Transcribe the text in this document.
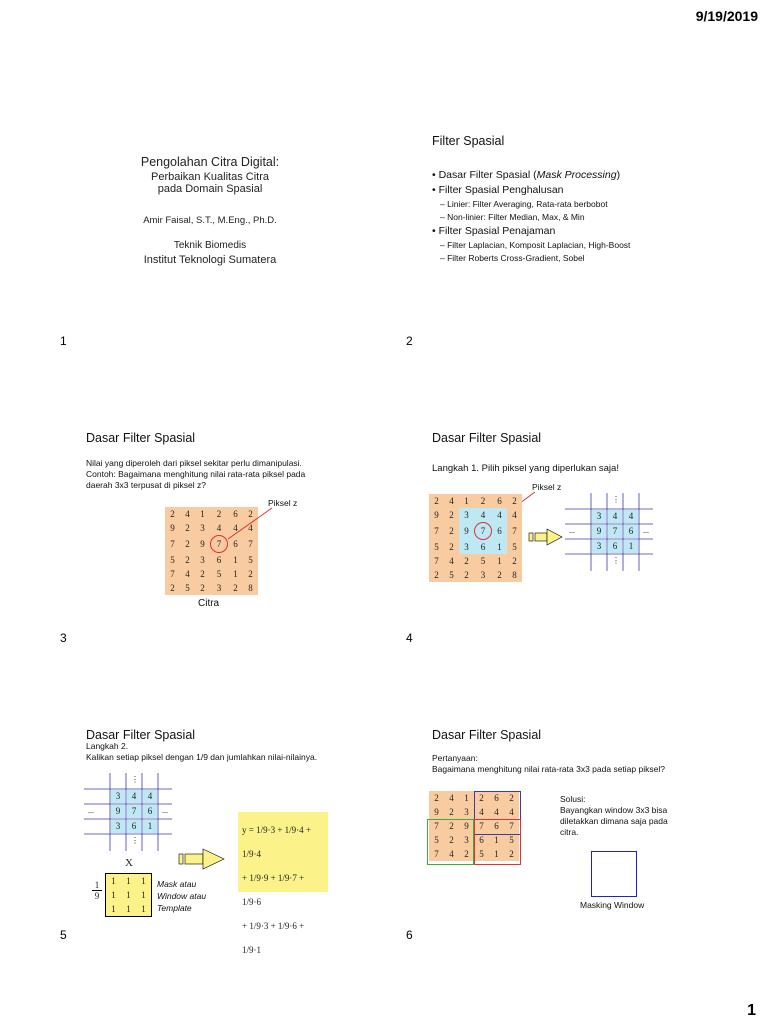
9/19/2019
Pengolahan Citra Digital:
Perbaikan Kualitas Citra
pada Domain Spasial
Amir Faisal, S.T., M.Eng., Ph.D.
Teknik Biomedis
Institut Teknologi Sumatera
1
Filter Spasial
• Dasar Filter Spasial (Mask Processing)
• Filter Spasial Penghalusan
– Linier: Filter Averaging, Rata-rata berbobot
– Non-linier: Filter Median, Max, & Min
• Filter Spasial Penajaman
– Filter Laplacian, Komposit Laplacian, High-Boost
– Filter Roberts Cross-Gradient, Sobel
2
Dasar Filter Spasial
Nilai yang diperoleh dari piksel sekitar perlu dimanipulasi.
Contoh: Bagaimana menghitung nilai rata-rata piksel pada
daerah 3x3 terpusat di piksel z?
2	4	1	2	6	2
9	2	3	4	4	4
7	2	9	7	6	7
5	2	3	6	1	5
7	4	2	5	1	2
2	5	2	3	2	8
Piksel z
Citra
3
Dasar Filter Spasial
Langkah 1. Pilih piksel yang diperlukan saja!
Piksel z
2	4	1	2	6	2
9	2	3	4	4	4
7	2	9	7	6	7
5	2	3	6	1	5
7	4	2	5	1	2
2	5	2	3	2	8
3	4	4
9	7	6
3	6	1
⋮
⋮
...	...
4
Dasar Filter Spasial
Langkah 2.
Kalikan setiap piksel dengan 1/9 dan jumlahkan nilai-nilainya.
3	4	4
9	7	6
3	6	1
⋮
⋮
...	...
X
1
9
1	1	1
1	1	1
1	1	1
Mask atau
Window atau
Template
y = 1/9·3 + 1/9·4 + 1/9·4
+ 1/9·9 + 1/9·7 + 1/9·6
+ 1/9·3 + 1/9·6 + 1/9·1
5
Dasar Filter Spasial
Pertanyaan:
Bagaimana menghitung nilai rata-rata 3x3 pada setiap piksel?
2	4	1	2	6	2
9	2	3	4	4	4
7	2	9	7	6	7
5	2	3	6	1	5
7	4	2	5	1	2
Solusi:
Bayangkan window 3x3 bisa
diletakkan dimana saja pada
citra.
Masking Window
6
1
